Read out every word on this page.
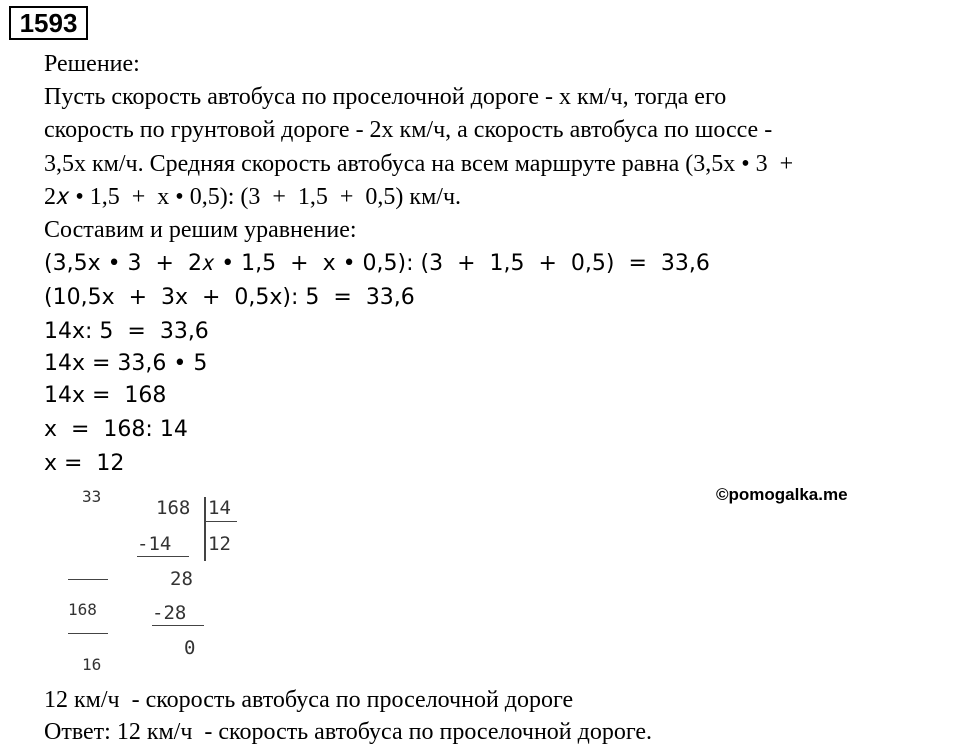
1593
Решение:
Пусть скорость автобуса по проселочной дороге - х км/ч, тогда его
скорость по грунтовой дороге - 2х км/ч, а скорость автобуса по шоссе -
3,5х км/ч. Средняя скорость автобуса на всем маршруте равна (3,5x • 3  +
2𝑥 • 1,5  +  x • 0,5): (3  +  1,5  +  0,5) км/ч.
Составим и решим уравнение:
(3,5x • 3  +  2𝑥 • 1,5  +  x • 0,5): (3  +  1,5  +  0,5)  =  33,6
(10,5x  +  3x  +  0,5x): 5  =  33,6
14x: 5  =  33,6
14x = 33,6 • 5
14x =  168
x  =  168: 14
x =  12
©pomogalka.me
33
168
16
168 14
12
-14
28
-28
0
12 км/ч  - скорость автобуса по проселочной дороге
Ответ: 12 км/ч  - скорость автобуса по проселочной дороге.
